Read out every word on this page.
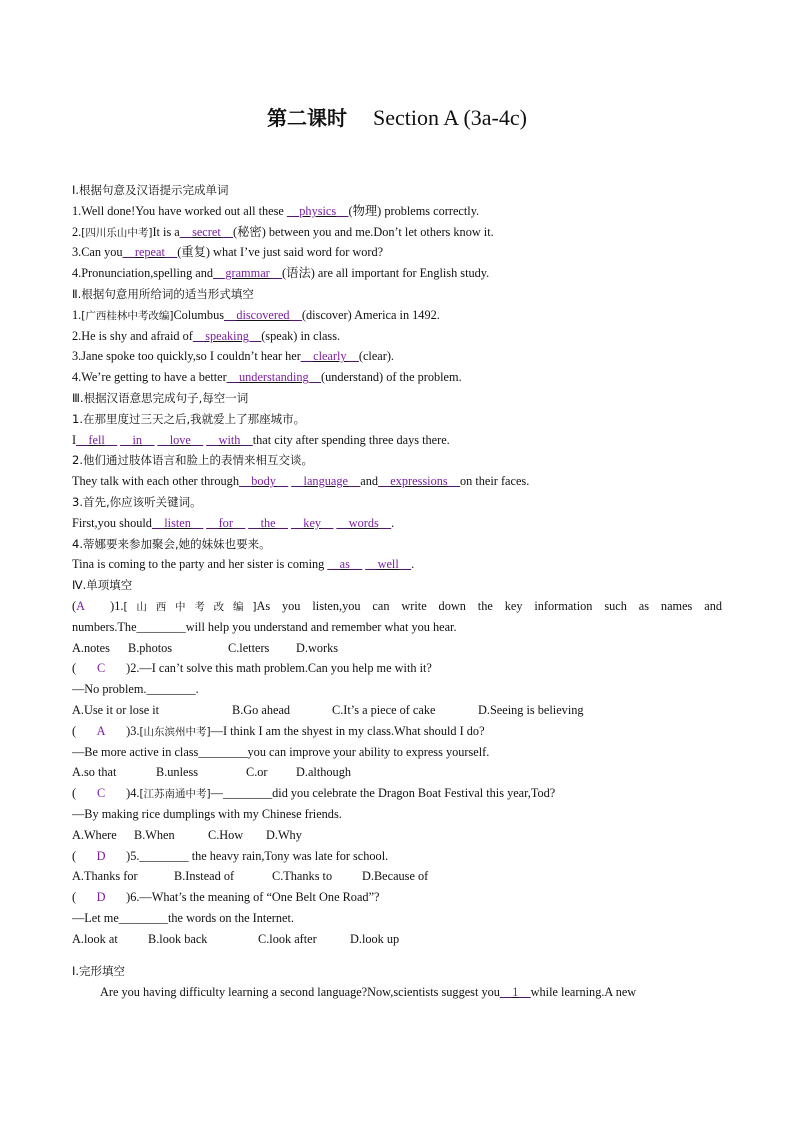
第二课时 Section A (3a-4c)
Ⅰ.根据句意及汉语提示完成单词
1.Well done!You have worked out all these __physics__(物理) problems correctly.
2.[四川乐山中考]It is a__secret__(秘密) between you and me.Don’t let others know it.
3.Can you__repeat__(重复) what I’ve just said word for word?
4.Pronunciation,spelling and__grammar__(语法) are all important for English study.
Ⅱ.根据句意用所给词的适当形式填空
1.[广西桂林中考改编]Columbus__discovered__(discover) America in 1492.
2.He is shy and afraid of__speaking__(speak) in class.
3.Jane spoke too quickly,so I couldn’t hear her__clearly__(clear).
4.We’re getting to have a better__understanding__(understand) of the problem.
Ⅲ.根据汉语意思完成句子,每空一词
1.在那里度过三天之后,我就爱上了那座城市。
I__fell__ __in__ __love__ __with__that city after spending three days there.
2.他们通过肢体语言和脸上的表情来相互交谈。
They talk with each other through__body__ __language__and__expressions__on their faces.
3.首先,你应该听关键词。
First,you should__listen__ __for__ __the__ __key__ __words__.
4.蒂娜要来参加聚会,她的妹妹也要来。
Tina is coming to the party and her sister is coming __as__ __well__.
Ⅳ.单项填空
(A )1.[山西中考改编]As you listen,you can write down the key information such as names and
numbers.The________will help you understand and remember what you hear.
A.notes B.photos	C.letters D.works
( C )2.—I can’t solve this math problem.Can you help me with it?
—No problem.________.
A.Use it or lose it	B.Go ahead	C.It’s a piece of cake	D.Seeing is believing
( A )3.[山东滨州中考]—I think I am the shyest in my class.What should I do?
—Be more active in class________you can improve your ability to express yourself.
A.so that	B.unless	C.or D.although
( C )4.[江苏南通中考]—________did you celebrate the Dragon Boat Festival this year,Tod?
—By making rice dumplings with my Chinese friends.
A.Where B.When	C.How D.Why
( D )5.________ the heavy rain,Tony was late for school.
A.Thanks for	B.Instead of	C.Thanks to D.Because of
( D )6.—What’s the meaning of “One Belt One Road”?
—Let me________the words on the Internet.
A.look at B.look back	C.look after	D.look up
Ⅰ.完形填空
Are you having difficulty learning a second language?Now,scientists suggest you__1__while learning.A new
